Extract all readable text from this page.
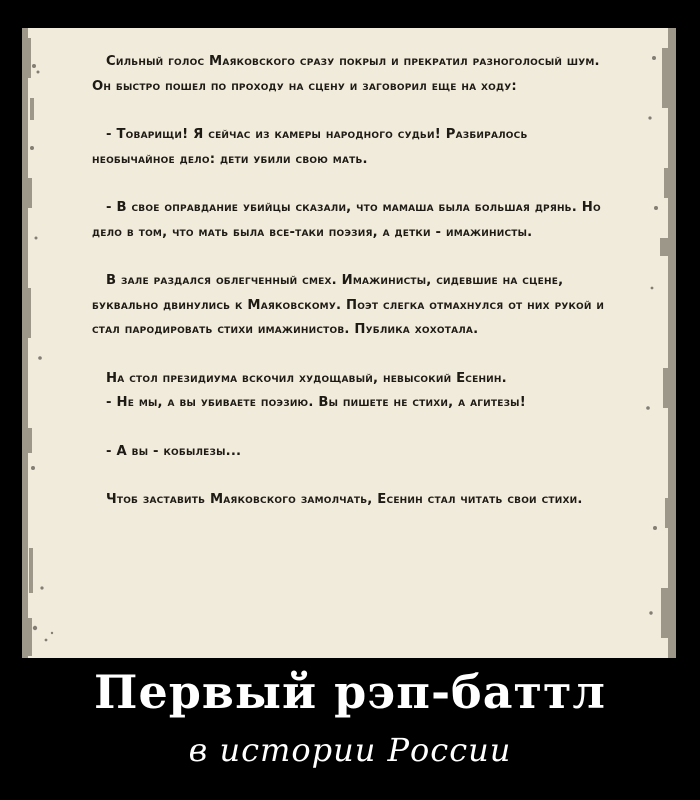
Сильный голос Маяковского сразу покрыл и прекратил разноголосый шум. Он быстро пошел по проходу на сцену и заговорил еще на ходу:

- Товарищи! Я сейчас из камеры народного судьи! Разбиралось необычайное дело: дети убили свою мать.

- В свое оправдание убийцы сказали, что мамаша была большая дрянь. Но дело в том, что мать была все-таки поэзия, а детки - имажинисты.

В зале раздался облегченный смех. Имажинисты, сидевшие на сцене, буквально двинулись к Маяковскому. Поэт слегка отмахнулся от них рукой и стал пародировать стихи имажинистов. Публика хохотала.

На стол президиума вскочил худощавый, невысокий Есенин.

- Не мы, а вы убиваете поэзию. Вы пишете не стихи, а агитезы!

- А вы - кобылезы...

Чтоб заставить Маяковского замолчать, Есенин стал читать свои стихи.

Первый рэп-баттл
в истории России
